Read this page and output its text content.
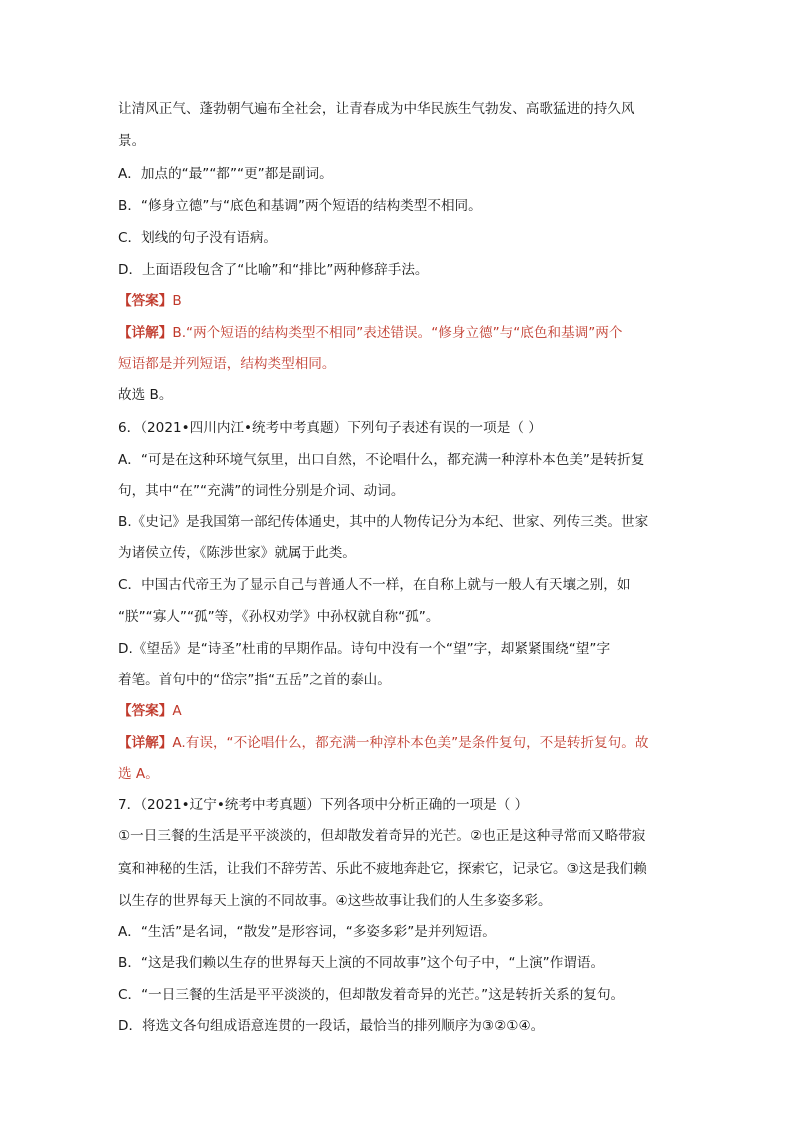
让清风正气、蓬勃朝气遍布全社会，让青春成为中华民族生气勃发、高歌猛进的持久风
景。
A．加点的“最”“都”“更”都是副词。
B．“修身立德”与“底色和基调”两个短语的结构类型不相同。
C．划线的句子没有语病。
D．上面语段包含了“比喻”和“排比”两种修辞手法。
【答案】B
【详解】B.“两个短语的结构类型不相同”表述错误。“修身立德”与“底色和基调”两个
短语都是并列短语，结构类型相同。
故选 B。
6．（2021•四川内江•统考中考真题）下列句子表述有误的一项是（ ）
A．“可是在这种环境气氛里，出口自然，不论唱什么，都充满一种淳朴本色美”是转折复
句，其中“在”“充满”的词性分别是介词、动词。
B.《史记》是我国第一部纪传体通史，其中的人物传记分为本纪、世家、列传三类。世家
为诸侯立传，《陈涉世家》就属于此类。
C．中国古代帝王为了显示自己与普通人不一样，在自称上就与一般人有天壤之别，如
“朕”“寡人”“孤”等，《孙权劝学》中孙权就自称“孤”。
D.《望岳》是“诗圣”杜甫的早期作品。诗句中没有一个“望”字，却紧紧围绕“望”字
着笔。首句中的“岱宗”指“五岳”之首的泰山。
【答案】A
【详解】A.有误，“不论唱什么，都充满一种淳朴本色美”是条件复句，不是转折复句。故
选 A。
7．（2021•辽宁•统考中考真题）下列各项中分析正确的一项是（ ）
①一日三餐的生活是平平淡淡的，但却散发着奇异的光芒。②也正是这种寻常而又略带寂
寞和神秘的生活，让我们不辞劳苦、乐此不疲地奔赴它，探索它，记录它。③这是我们赖
以生存的世界每天上演的不同故事。④这些故事让我们的人生多姿多彩。
A．“生活”是名词，“散发”是形容词，“多姿多彩”是并列短语。
B．“这是我们赖以生存的世界每天上演的不同故事”这个句子中，“上演”作谓语。
C．“一日三餐的生活是平平淡淡的，但却散发着奇异的光芒。”这是转折关系的复句。
D．将选文各句组成语意连贯的一段话，最恰当的排列顺序为③②①④。
